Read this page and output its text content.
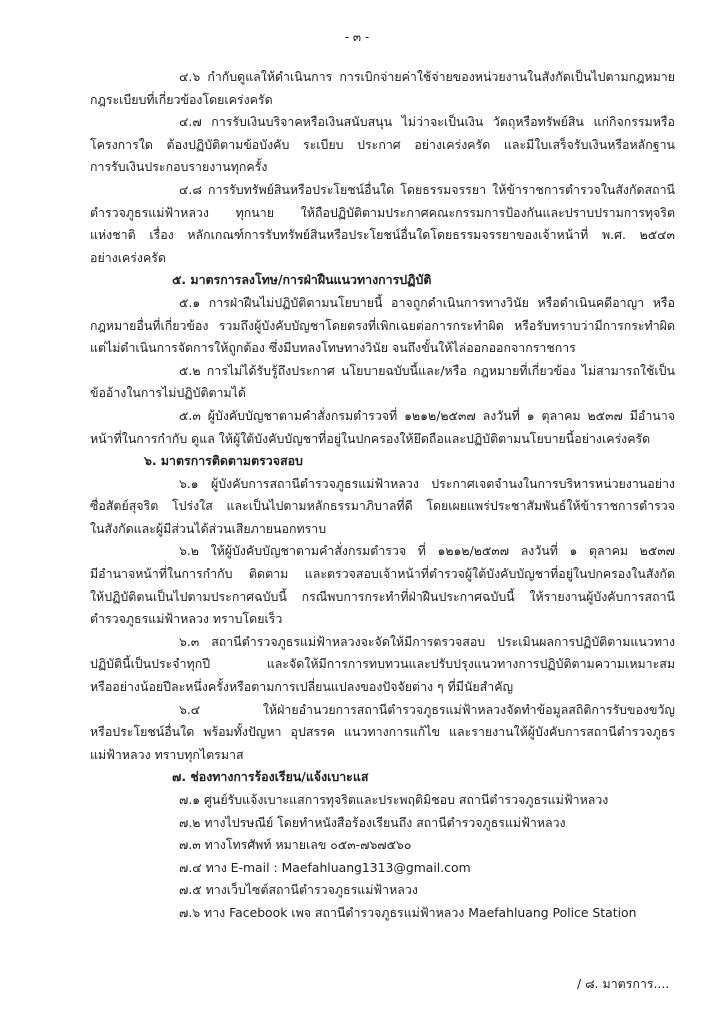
- ๓ -
๔.๖ กำกับดูแลให้ดำเนินการ การเบิกจ่ายค่าใช้จ่ายของหน่วยงานในสังกัดเป็นไปตามกฎหมาย
กฎระเบียบที่เกี่ยวข้องโดยเคร่งครัด
๔.๗ การรับเงินบริจาคหรือเงินสนับสนุน ไม่ว่าจะเป็นเงิน วัตถุหรือทรัพย์สิน แก่กิจกรรมหรือ
โครงการใด ต้องปฏิบัติตามข้อบังคับ ระเบียบ ประกาศ อย่างเคร่งครัด และมีใบเสร็จรับเงินหรือหลักฐาน
การรับเงินประกอบรายงานทุกครั้ง
๔.๘ การรับทรัพย์สินหรือประโยชน์อื่นใด โดยธรรมจรรยา ให้ข้าราชการตำรวจในสังกัดสถานี
ตำรวจภูธรแม่ฟ้าหลวง ทุกนาย ให้ถือปฏิบัติตามประกาศคณะกรรมการป้องกันและปราบปรามการทุจริต
แห่งชาติ เรื่อง หลักเกณฑ์การรับทรัพย์สินหรือประโยชน์อื่นใดโดยธรรมจรรยาของเจ้าหน้าที่ พ.ศ. ๒๕๔๓
อย่างเคร่งครัด
๕. มาตรการลงโทษ/การฝ่าฝืนแนวทางการปฏิบัติ
๕.๑ การฝ่าฝืนไม่ปฏิบัติตามนโยบายนี้ อาจถูกดำเนินการทางวินัย หรือดำเนินคดีอาญา หรือ
กฎหมายอื่นที่เกี่ยวข้อง รวมถึงผู้บังคับบัญชาโดยตรงที่เพิกเฉยต่อการกระทำผิด หรือรับทราบว่ามีการกระทำผิด
แต่ไม่ดำเนินการจัดการให้ถูกต้อง ซึ่งมีบทลงโทษทางวินัย จนถึงขั้นให้ไล่ออกออกจากราชการ
๕.๒ การไม่ได้รับรู้ถึงประกาศ นโยบายฉบับนี้และ/หรือ กฎหมายที่เกี่ยวข้อง ไม่สามารถใช้เป็น
ข้ออ้างในการไม่ปฏิบัติตามได้
๕.๓ ผู้บังคับบัญชาตามคำสั่งกรมตำรวจที่ ๑๒๑๒/๒๕๓๗ ลงวันที่ ๑ ตุลาคม ๒๕๓๗ มีอำนาจ
หน้าที่ในการกำกับ ดูแล ให้ผู้ใต้บังคับบัญชาที่อยู่ในปกครองให้ยึดถือและปฏิบัติตามนโยบายนี้อย่างเคร่งครัด
๖. มาตรการติดตามตรวจสอบ
๖.๑ ผู้บังคับการสถานีตำรวจภูธรแม่ฟ้าหลวง ประกาศเจตจำนงในการบริหารหน่วยงานอย่าง
ซื่อสัตย์สุจริต โปร่งใส และเป็นไปตามหลักธรรมาภิบาลที่ดี โดยเผยแพร่ประชาสัมพันธ์ให้ข้าราชการตำรวจ
ในสังกัดและผู้มีส่วนได้ส่วนเสียภายนอกทราบ
๖.๒ ให้ผู้บังคับบัญชาตามคำสั่งกรมตำรวจ ที่ ๑๒๑๒/๒๕๓๗ ลงวันที่ ๑ ตุลาคม ๒๕๓๗
มีอำนาจหน้าที่ในการกำกับ ติดตาม และตรวจสอบเจ้าหน้าที่ตำรวจผู้ใต้บังคับบัญชาที่อยู่ในปกครองในสังกัด
ให้ปฏิบัติตนเป็นไปตามประกาศฉบับนี้ กรณีพบการกระทำที่ฝ่าฝืนประกาศฉบับนี้ ให้รายงานผู้บังคับการสถานี
ตำรวจภูธรแม่ฟ้าหลวง ทราบโดยเร็ว
๖.๓ สถานีตำรวจภูธรแม่ฟ้าหลวงจะจัดให้มีการตรวจสอบ ประเมินผลการปฏิบัติตามแนวทาง
ปฏิบัตินี้เป็นประจำทุกปี และจัดให้มีการการทบทวนและปรับปรุงแนวทางการปฏิบัติตามความเหมาะสม
หรืออย่างน้อยปีละหนึ่งครั้งหรือตามการเปลี่ยนแปลงของปัจจัยต่าง ๆ ที่มีนัยสำคัญ
๖.๔ ให้ฝ่ายอำนวยการสถานีตำรวจภูธรแม่ฟ้าหลวงจัดทำข้อมูลสถิติการรับของขวัญ
หรือประโยชน์อื่นใด พร้อมทั้งปัญหา อุปสรรค แนวทางการแก้ไข และรายงานให้ผู้บังคับการสถานีตำรวจภูธร
แม่ฟ้าหลวง ทราบทุกไตรมาส
๗. ช่องทางการร้องเรียน/แจ้งเบาะแส
๗.๑ ศูนย์รับแจ้งเบาะแสการทุจริตและประพฤติมิชอบ สถานีตำรวจภูธรแม่ฟ้าหลวง
๗.๒ ทางไปรษณีย์ โดยทำหนังสือร้องเรียนถึง สถานีตำรวจภูธรแม่ฟ้าหลวง
๗.๓ ทางโทรศัพท์ หมายเลข ๐๕๓-๗๖๗๕๖๐
๗.๔ ทาง E-mail : Maefahluang1313@gmail.com
๗.๕ ทางเว็บไซต์สถานีตำรวจภูธรแม่ฟ้าหลวง
๗.๖ ทาง Facebook เพจ สถานีตำรวจภูธรแม่ฟ้าหลวง Maefahluang Police Station
/ ๘. มาตรการ....
